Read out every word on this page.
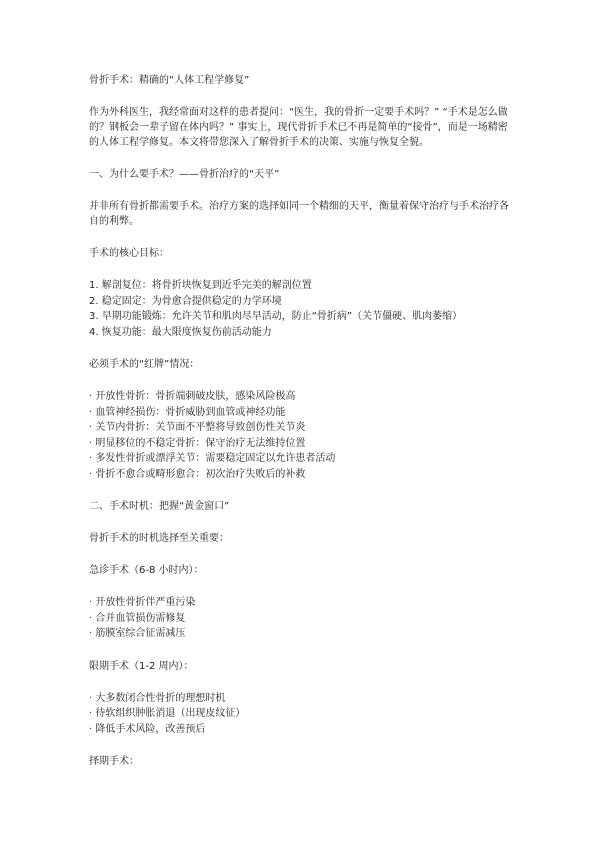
骨折手术：精确的“人体工程学修复”

作为外科医生，我经常面对这样的患者提问：“医生，我的骨折一定要手术吗？” “手术是怎么做的？钢板会一辈子留在体内吗？” 事实上，现代骨折手术已不再是简单的“接骨”，而是一场精密的人体工程学修复。本文将带您深入了解骨折手术的决策、实施与恢复全貌。

一、为什么要手术？——骨折治疗的“天平”

并非所有骨折都需要手术。治疗方案的选择如同一个精细的天平，衡量着保守治疗与手术治疗各自的利弊。

手术的核心目标：

1. 解剖复位：将骨折块恢复到近乎完美的解剖位置
2. 稳定固定：为骨愈合提供稳定的力学环境
3. 早期功能锻炼：允许关节和肌肉尽早活动，防止“骨折病”（关节僵硬、肌肉萎缩）
4. 恢复功能：最大限度恢复伤前活动能力

必须手术的“红牌”情况：

· 开放性骨折：骨折端刺破皮肤，感染风险极高
· 血管神经损伤：骨折威胁到血管或神经功能
· 关节内骨折：关节面不平整将导致创伤性关节炎
· 明显移位的不稳定骨折：保守治疗无法维持位置
· 多发性骨折或漂浮关节：需要稳定固定以允许患者活动
· 骨折不愈合或畸形愈合：初次治疗失败后的补救

二、手术时机：把握“黄金窗口”

骨折手术的时机选择至关重要：

急诊手术（6-8 小时内）：

· 开放性骨折伴严重污染
· 合并血管损伤需修复
· 筋膜室综合征需减压

限期手术（1-2 周内）：

· 大多数闭合性骨折的理想时机
· 待软组织肿胀消退（出现皮纹征）
· 降低手术风险，改善预后

择期手术：
